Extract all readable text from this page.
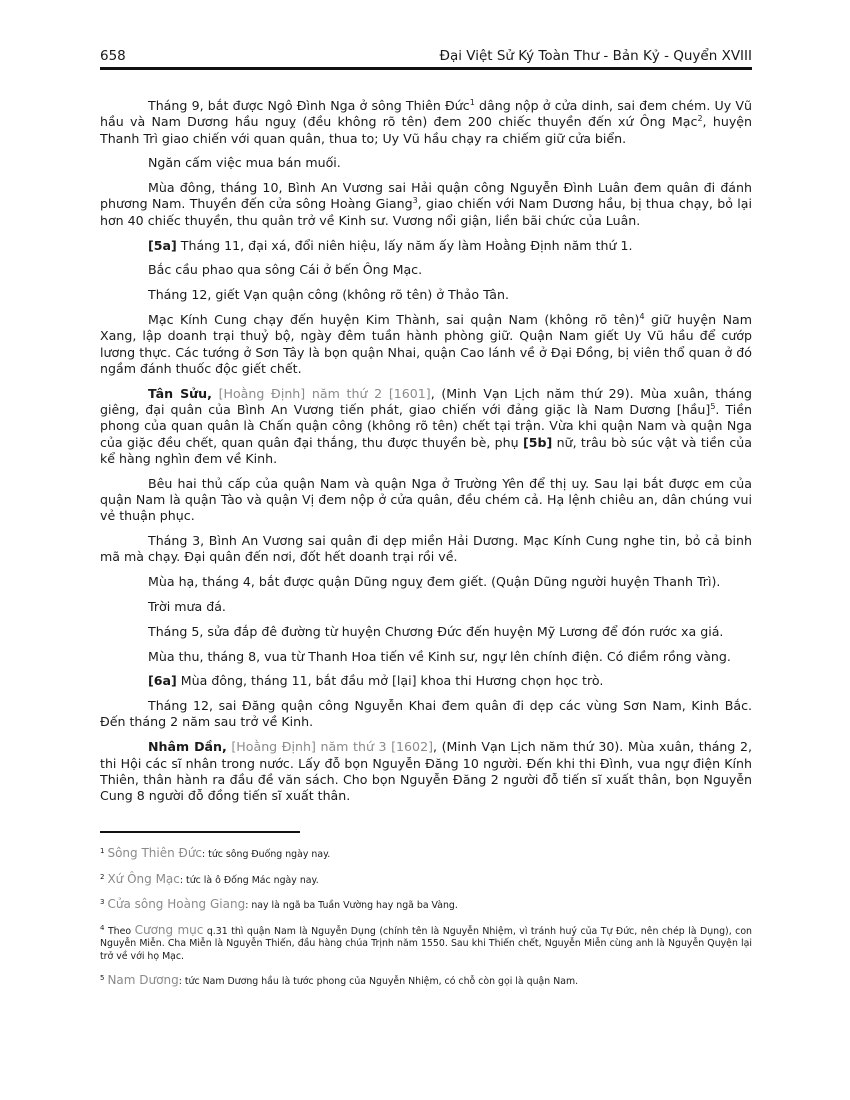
658	Đại Việt Sử Ký Toàn Thư - Bản Kỷ - Quyển XVIII

Tháng 9, bắt được Ngô Đình Nga ở sông Thiên Đức$^1$ dâng nộp ở cửa dinh, sai đem chém. Uy Vũ hầu và Nam Dương hầu nguỵ (đều không rõ tên) đem 200 chiếc thuyền đến xứ Ông Mạc$^2$, huyện Thanh Trì giao chiến với quan quân, thua to; Uy Vũ hầu chạy ra chiếm giữ cửa biển.

Ngăn cấm việc mua bán muối.

Mùa đông, tháng 10, Bình An Vương sai Hải quận công Nguyễn Đình Luân đem quân đi đánh phương Nam. Thuyền đến cửa sông Hoàng Giang$^3$, giao chiến với Nam Dương hầu, bị thua chạy, bỏ lại hơn 40 chiếc thuyền, thu quân trở về Kinh sư. Vương nổi giận, liền bãi chức của Luân.

[5a] Tháng 11, đại xá, đổi niên hiệu, lấy năm ấy làm Hoằng Định năm thứ 1.

Bắc cầu phao qua sông Cái ở bến Ông Mạc.

Tháng 12, giết Vạn quận công (không rõ tên) ở Thảo Tân.

Mạc Kính Cung chạy đến huyện Kim Thành, sai quận Nam (không rõ tên)$^4$ giữ huyện Nam Xang, lập doanh trại thuỷ bộ, ngày đêm tuần hành phòng giữ. Quận Nam giết Uy Vũ hầu để cướp lương thực. Các tướng ở Sơn Tây là bọn quận Nhai, quận Cao lánh về ở Đại Đồng, bị viên thổ quan ở đó ngầm đánh thuốc độc giết chết.

Tân Sửu, [Hoằng Định] năm thứ 2 [1601], (Minh Vạn Lịch năm thứ 29). Mùa xuân, tháng giêng, đại quân của Bình An Vương tiến phát, giao chiến với đảng giặc là Nam Dương [hầu]$^5$. Tiền phong của quan quân là Chấn quận công (không rõ tên) chết tại trận. Vừa khi quận Nam và quận Nga của giặc đều chết, quan quân đại thắng, thu được thuyền bè, phụ [5b] nữ, trâu bò súc vật và tiền của kể hàng nghìn đem về Kinh.

Bêu hai thủ cấp của quận Nam và quận Nga ở Trường Yên để thị uy. Sau lại bắt được em của quận Nam là quận Tào và quận Vị đem nộp ở cửa quân, đều chém cả. Hạ lệnh chiêu an, dân chúng vui vẻ thuận phục.

Tháng 3, Bình An Vương sai quân đi dẹp miền Hải Dương. Mạc Kính Cung nghe tin, bỏ cả binh mã mà chạy. Đại quân đến nơi, đốt hết doanh trại rồi về.

Mùa hạ, tháng 4, bắt được quận Dũng nguỵ đem giết. (Quận Dũng người huyện Thanh Trì).

Trời mưa đá.

Tháng 5, sửa đắp đê đường từ huyện Chương Đức đến huyện Mỹ Lương để đón rước xa giá.

Mùa thu, tháng 8, vua từ Thanh Hoa tiến về Kinh sư, ngự lên chính điện. Có điềm rồng vàng.

[6a] Mùa đông, tháng 11, bắt đầu mở [lại] khoa thi Hương chọn học trò.

Tháng 12, sai Đăng quận công Nguyễn Khai đem quân đi dẹp các vùng Sơn Nam, Kinh Bắc. Đến tháng 2 năm sau trở về Kinh.

Nhâm Dần, [Hoằng Định] năm thứ 3 [1602], (Minh Vạn Lịch năm thứ 30). Mùa xuân, tháng 2, thi Hội các sĩ nhân trong nước. Lấy đỗ bọn Nguyễn Đăng 10 người. Đến khi thi Đình, vua ngự điện Kính Thiên, thân hành ra đầu đề văn sách. Cho bọn Nguyễn Đăng 2 người đỗ tiến sĩ xuất thân, bọn Nguyễn Cung 8 người đỗ đồng tiến sĩ xuất thân.

$^1$ Sông Thiên Đức: tức sông Đuống ngày nay.
$^2$ Xứ Ông Mạc: tức là ô Đống Mác ngày nay.
$^3$ Cửa sông Hoàng Giang: nay là ngã ba Tuần Vường hay ngã ba Vàng.
$^4$ Theo Cương mục q.31 thì quận Nam là Nguyễn Dụng (chính tên là Nguyễn Nhiệm, vì tránh huý của Tự Đức, nên chép là Dụng), con Nguyễn Miễn. Cha Miễn là Nguyễn Thiến, đầu hàng chúa Trịnh năm 1550. Sau khi Thiến chết, Nguyễn Miễn cùng anh là Nguyễn Quyện lại trở về với họ Mạc.
$^5$ Nam Dương: tức Nam Dương hầu là tước phong của Nguyễn Nhiệm, có chỗ còn gọi là quận Nam.
